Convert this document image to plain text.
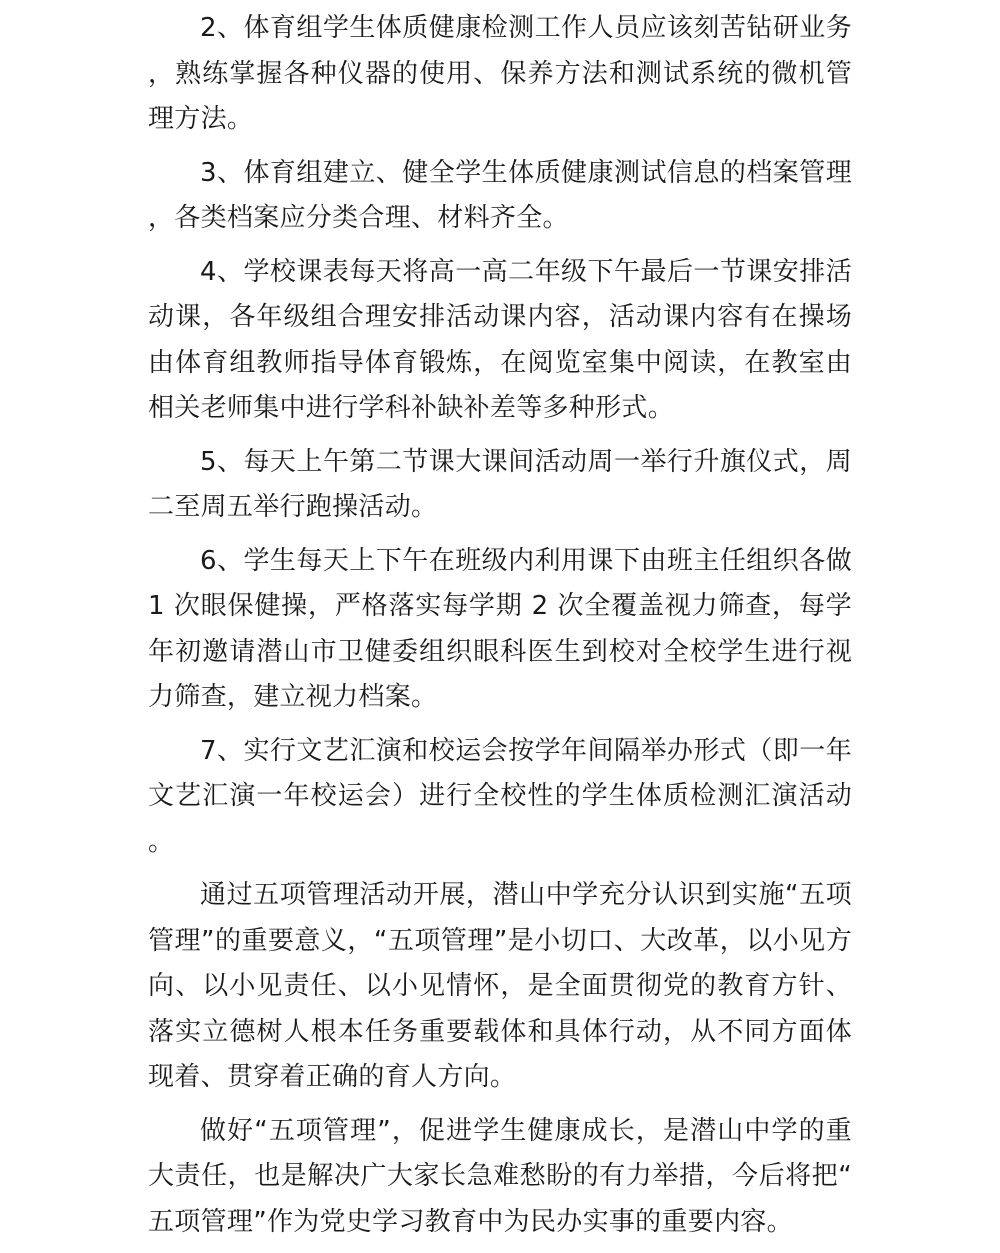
2、体育组学生体质健康检测工作人员应该刻苦钻研业务，熟练掌握各种仪器的使用、保养方法和测试系统的微机管理方法。

3、体育组建立、健全学生体质健康测试信息的档案管理，各类档案应分类合理、材料齐全。

4、学校课表每天将高一高二年级下午最后一节课安排活动课，各年级组合理安排活动课内容，活动课内容有在操场由体育组教师指导体育锻炼，在阅览室集中阅读，在教室由相关老师集中进行学科补缺补差等多种形式。

5、每天上午第二节课大课间活动周一举行升旗仪式，周二至周五举行跑操活动。

6、学生每天上下午在班级内利用课下由班主任组织各做 1 次眼保健操，严格落实每学期 2 次全覆盖视力筛查，每学年初邀请潜山市卫健委组织眼科医生到校对全校学生进行视力筛查，建立视力档案。

7、实行文艺汇演和校运会按学年间隔举办形式（即一年文艺汇演一年校运会）进行全校性的学生体质检测汇演活动。

通过五项管理活动开展，潜山中学充分认识到实施“五项管理”的重要意义，“五项管理”是小切口、大改革，以小见方向、以小见责任、以小见情怀，是全面贯彻党的教育方针、落实立德树人根本任务重要载体和具体行动，从不同方面体现着、贯穿着正确的育人方向。

做好“五项管理”，促进学生健康成长，是潜山中学的重大责任，也是解决广大家长急难愁盼的有力举措，今后将把“五项管理”作为党史学习教育中为民办实事的重要内容。
